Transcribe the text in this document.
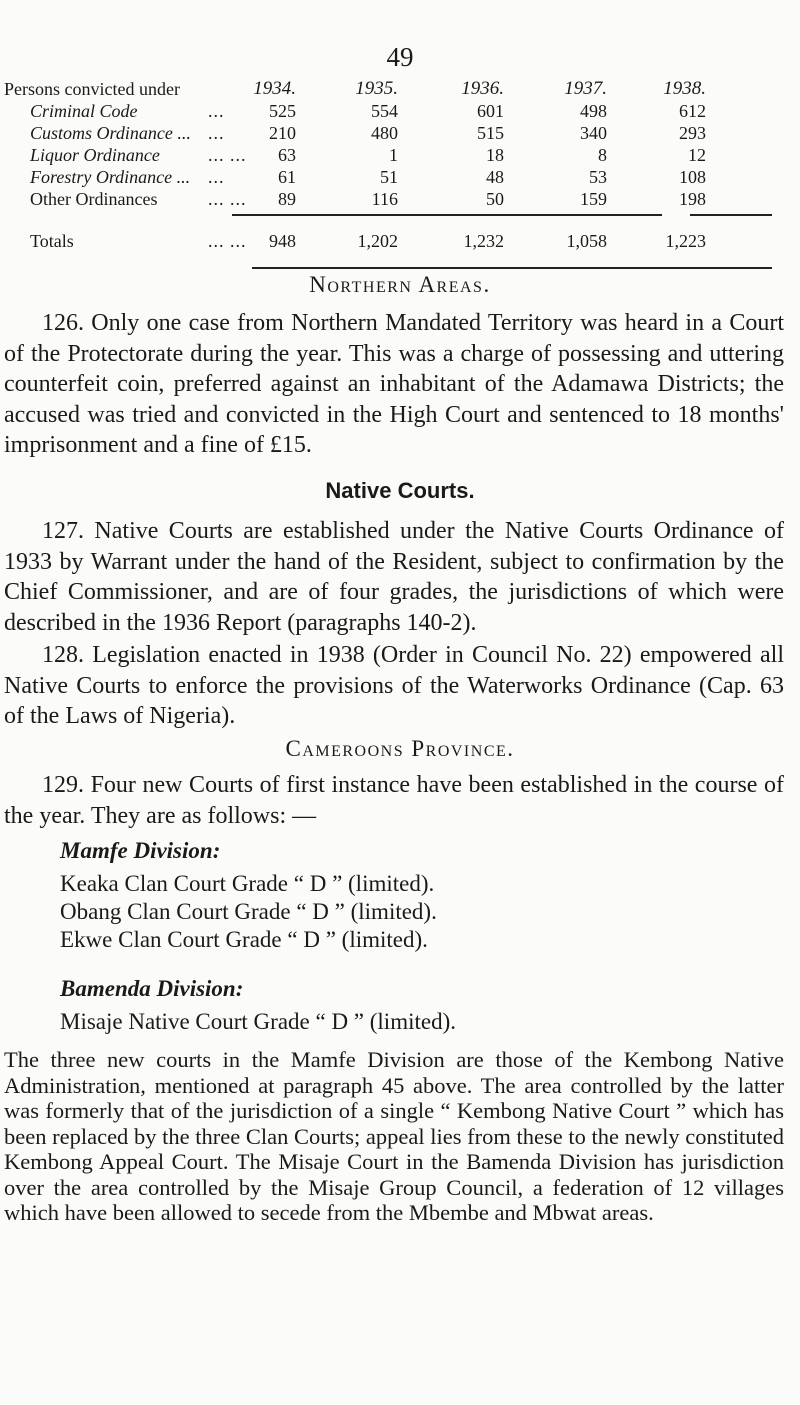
49
Persons convicted under	1934.	1935.	1936.	1937.	1938.
Criminal Code	...	525	554	601	498	612
Customs Ordinance ... ...	210	480	515	340	293
Liquor Ordinance	... ...	63	1	18	8	12
Forestry Ordinance ... ...	61	51	48	53	108
Other Ordinances	... ...	89	116	50	159	198
Totals	... ...	948	1,202	1,232	1,058	1,223
Northern Areas.

126. Only one case from Northern Mandated Territory was heard in a Court of the Protectorate during the year. This was a charge of possessing and uttering counterfeit coin, preferred against an inhabitant of the Adamawa Districts; the accused was tried and convicted in the High Court and sentenced to 18 months' imprisonment and a fine of £15.

Native Courts.

127. Native Courts are established under the Native Courts Ordinance of 1933 by Warrant under the hand of the Resident, subject to confirmation by the Chief Commissioner, and are of four grades, the jurisdictions of which were described in the 1936 Report (paragraphs 140-2).

128. Legislation enacted in 1938 (Order in Council No. 22) empowered all Native Courts to enforce the provisions of the Waterworks Ordinance (Cap. 63 of the Laws of Nigeria).

Cameroons Province.

129. Four new Courts of first instance have been established in the course of the year. They are as follows: —

Mamfe Division:
Keaka Clan Court Grade “ D ” (limited).
Obang Clan Court Grade “ D ” (limited).
Ekwe Clan Court Grade “ D ” (limited).
Bamenda Division:
Misaje Native Court Grade “ D ” (limited).

The three new courts in the Mamfe Division are those of the Kembong Native Administration, mentioned at paragraph 45 above. The area controlled by the latter was formerly that of the jurisdiction of a single “ Kembong Native Court ” which has been replaced by the three Clan Courts; appeal lies from these to the newly constituted Kembong Appeal Court. The Misaje Court in the Bamenda Division has jurisdiction over the area controlled by the Misaje Group Council, a federation of 12 villages which have been allowed to secede from the Mbembe and Mbwat areas.
